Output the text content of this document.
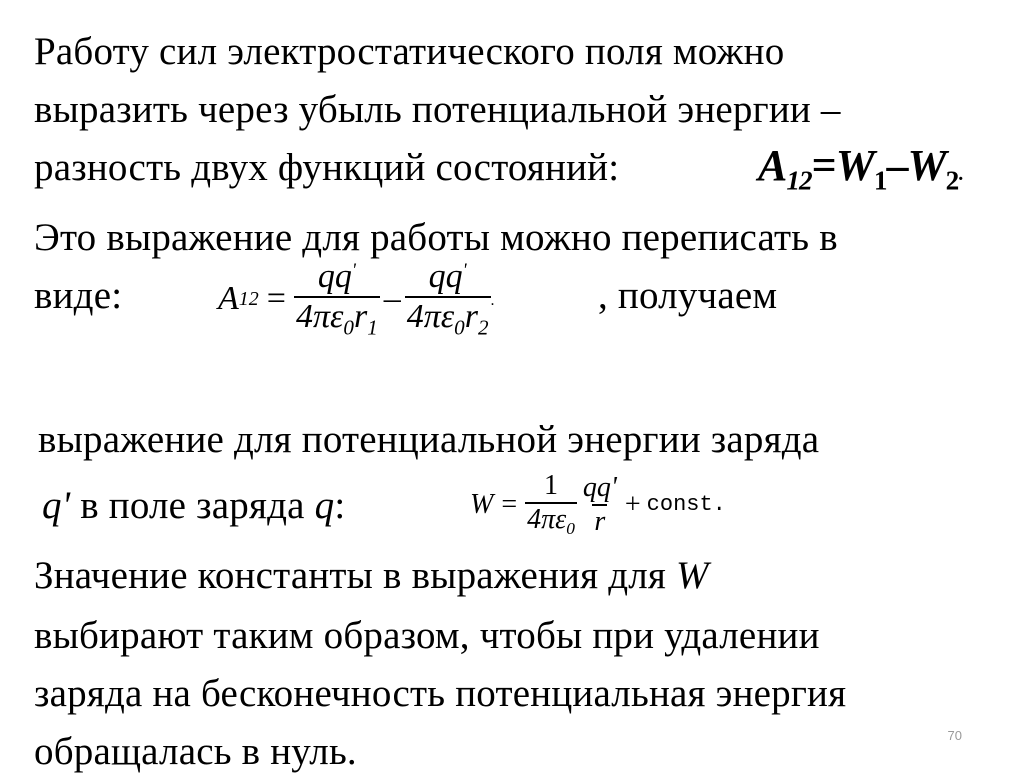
Работу сил электростатического поля можно
выразить через убыль потенциальной энергии –
разность двух функций состояний:	$A_{12}=W_1-W_2$.
Это выражение для работы можно переписать в
виде:	A $12 = \frac{qq'}{4\pi\varepsilon_0r_1} - \frac{qq'}{4\pi\varepsilon_0r_2}$ .	, получаем
выражение для потенциальной энергии заряда
q' в поле заряда q:	$W = \frac{1}{4\pi\varepsilon_0} \frac{qq'}{r}$ + const.
Значение константы в выражения для W
выбирают таким образом, чтобы при удалении
заряда на бесконечность потенциальная энергия
обращалась в нуль.	70
